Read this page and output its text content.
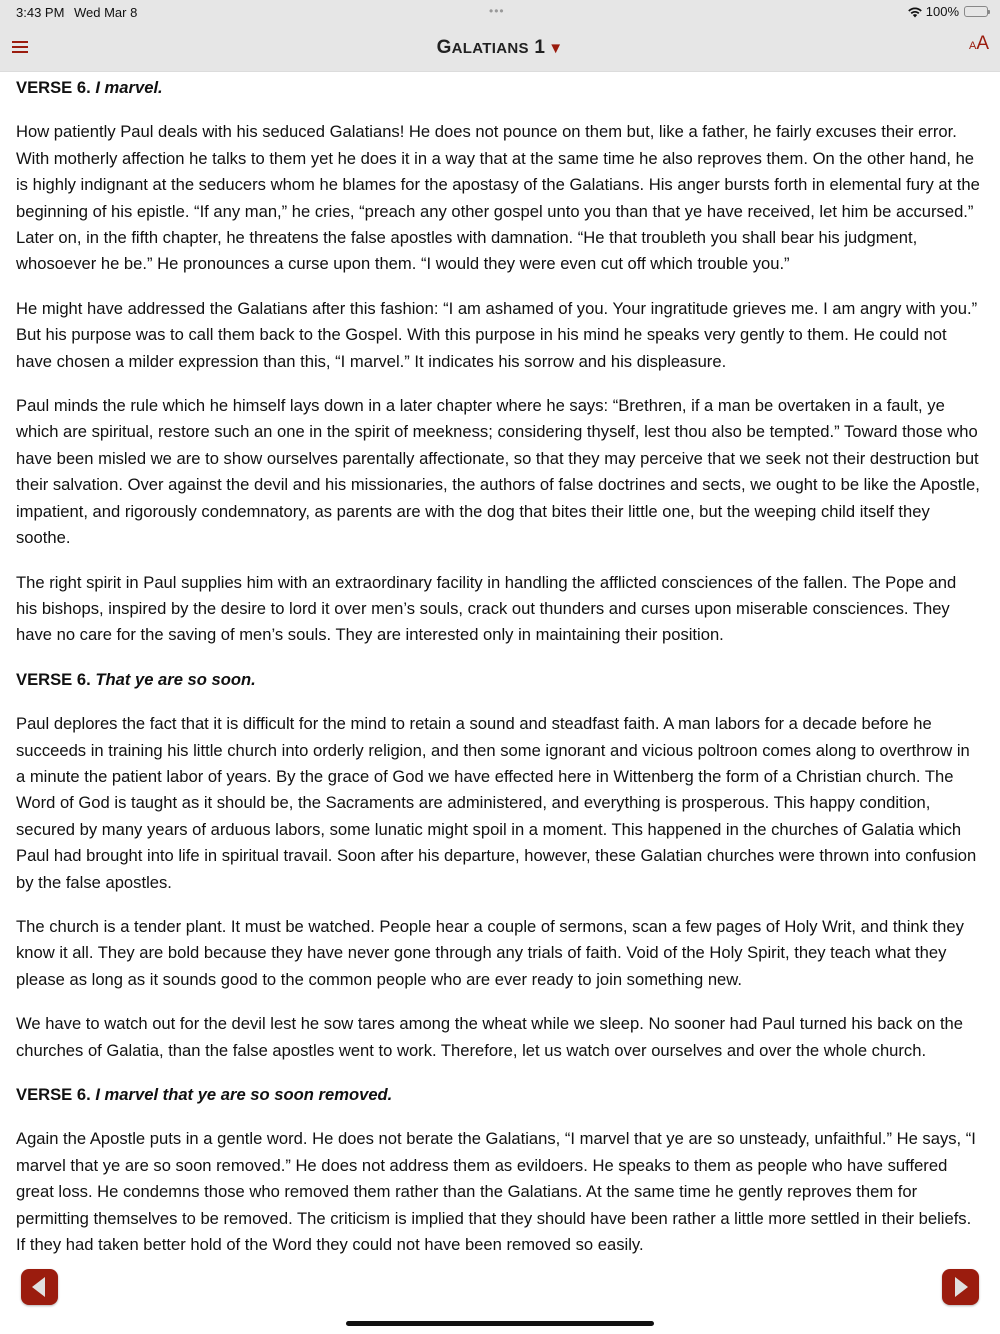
3:43 PM Wed Mar 8	•••	100%
GALATIANS 1 ▼	AA
VERSE 6. I marvel.

How patiently Paul deals with his seduced Galatians! He does not pounce on them but, like a father, he fairly excuses their error. With motherly affection he talks to them yet he does it in a way that at the same time he also reproves them. On the other hand, he is highly indignant at the seducers whom he blames for the apostasy of the Galatians. His anger bursts forth in elemental fury at the beginning of his epistle. “If any man,” he cries, “preach any other gospel unto you than that ye have received, let him be accursed.” Later on, in the fifth chapter, he threatens the false apostles with damnation. “He that troubleth you shall bear his judgment, whosoever he be.” He pronounces a curse upon them. “I would they were even cut off which trouble you.”

He might have addressed the Galatians after this fashion: “I am ashamed of you. Your ingratitude grieves me. I am angry with you.” But his purpose was to call them back to the Gospel. With this purpose in his mind he speaks very gently to them. He could not have chosen a milder expression than this, “I marvel.” It indicates his sorrow and his displeasure.

Paul minds the rule which he himself lays down in a later chapter where he says: “Brethren, if a man be overtaken in a fault, ye which are spiritual, restore such an one in the spirit of meekness; considering thyself, lest thou also be tempted.” Toward those who have been misled we are to show ourselves parentally affectionate, so that they may perceive that we seek not their destruction but their salvation. Over against the devil and his missionaries, the authors of false doctrines and sects, we ought to be like the Apostle, impatient, and rigorously condemnatory, as parents are with the dog that bites their little one, but the weeping child itself they soothe.

The right spirit in Paul supplies him with an extraordinary facility in handling the afflicted consciences of the fallen. The Pope and his bishops, inspired by the desire to lord it over men’s souls, crack out thunders and curses upon miserable consciences. They have no care for the saving of men’s souls. They are interested only in maintaining their position.

VERSE 6. That ye are so soon.

Paul deplores the fact that it is difficult for the mind to retain a sound and steadfast faith. A man labors for a decade before he succeeds in training his little church into orderly religion, and then some ignorant and vicious poltroon comes along to overthrow in a minute the patient labor of years. By the grace of God we have effected here in Wittenberg the form of a Christian church. The Word of God is taught as it should be, the Sacraments are administered, and everything is prosperous. This happy condition, secured by many years of arduous labors, some lunatic might spoil in a moment. This happened in the churches of Galatia which Paul had brought into life in spiritual travail. Soon after his departure, however, these Galatian churches were thrown into confusion by the false apostles.

The church is a tender plant. It must be watched. People hear a couple of sermons, scan a few pages of Holy Writ, and think they know it all. They are bold because they have never gone through any trials of faith. Void of the Holy Spirit, they teach what they please as long as it sounds good to the common people who are ever ready to join something new.

We have to watch out for the devil lest he sow tares among the wheat while we sleep. No sooner had Paul turned his back on the churches of Galatia, than the false apostles went to work. Therefore, let us watch over ourselves and over the whole church.

VERSE 6. I marvel that ye are so soon removed.

Again the Apostle puts in a gentle word. He does not berate the Galatians, “I marvel that ye are so unsteady, unfaithful.” He says, “I marvel that ye are so soon removed.” He does not address them as evildoers. He speaks to them as people who have suffered great loss. He condemns those who removed them rather than the Galatians. At the same time he gently reproves them for permitting themselves to be removed. The criticism is implied that they should have been rather a little more settled in their beliefs. If they had taken better hold of the Word they could not have been removed so easily.
